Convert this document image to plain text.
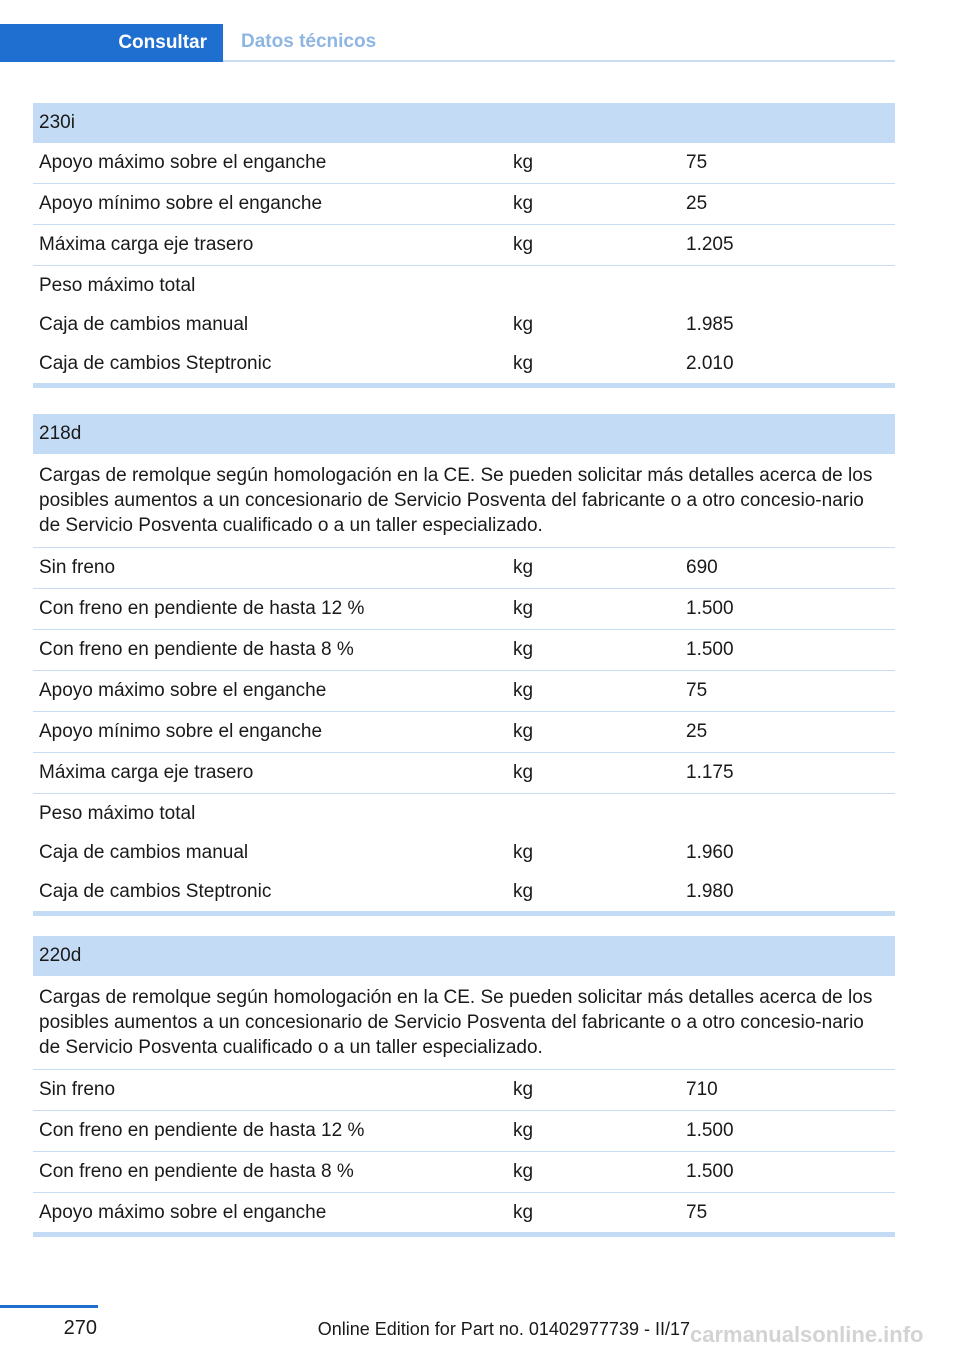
Consultar	Datos técnicos
230i
Apoyo máximo sobre el enganche	kg	75
Apoyo mínimo sobre el enganche	kg	25
Máxima carga eje trasero	kg	1.205
Peso máximo total
Caja de cambios manual	kg	1.985
Caja de cambios Steptronic	kg	2.010
218d
Cargas de remolque según homologación en la CE. Se pueden solicitar más detalles acerca de los posibles aumentos a un concesionario de Servicio Posventa del fabricante o a otro concesio-nario de Servicio Posventa cualificado o a un taller especializado.
Sin freno	kg	690
Con freno en pendiente de hasta 12 %	kg	1.500
Con freno en pendiente de hasta 8 %	kg	1.500
Apoyo máximo sobre el enganche	kg	75
Apoyo mínimo sobre el enganche	kg	25
Máxima carga eje trasero	kg	1.175
Peso máximo total
Caja de cambios manual	kg	1.960
Caja de cambios Steptronic	kg	1.980
220d
Cargas de remolque según homologación en la CE. Se pueden solicitar más detalles acerca de los posibles aumentos a un concesionario de Servicio Posventa del fabricante o a otro concesio-nario de Servicio Posventa cualificado o a un taller especializado.
Sin freno	kg	710
Con freno en pendiente de hasta 12 %	kg	1.500
Con freno en pendiente de hasta 8 %	kg	1.500
Apoyo máximo sobre el enganche	kg	75
270	Online Edition for Part no. 01402977739 - II/17 carmanualsonline.info
